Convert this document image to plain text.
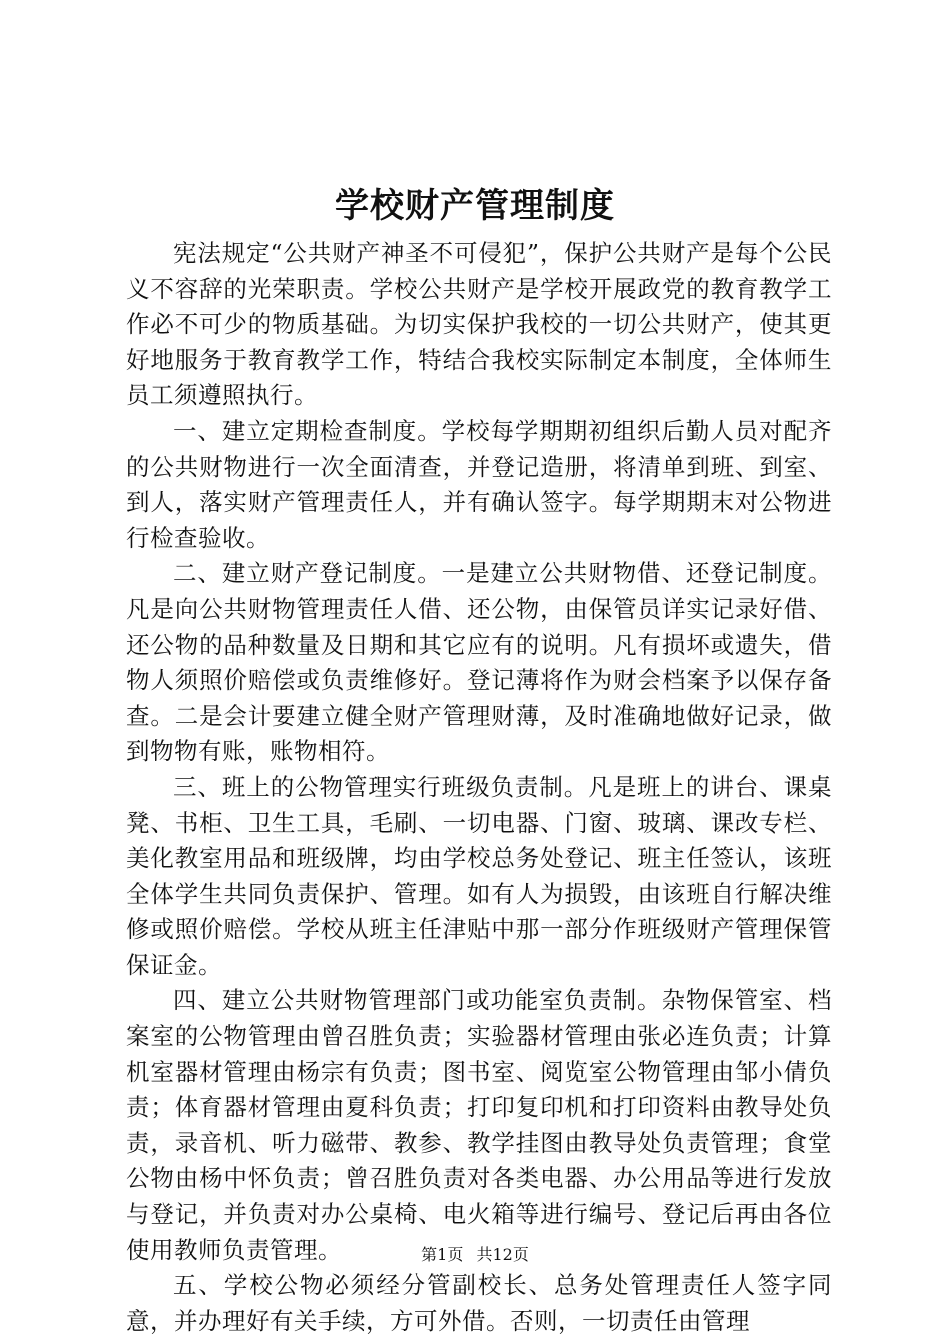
学校财产管理制度

宪法规定“公共财产神圣不可侵犯”，保护公共财产是每个公民义不容辞的光荣职责。学校公共财产是学校开展政党的教育教学工作必不可少的物质基础。为切实保护我校的一切公共财产，使其更好地服务于教育教学工作，特结合我校实际制定本制度，全体师生员工须遵照执行。

一、建立定期检查制度。学校每学期期初组织后勤人员对配齐的公共财物进行一次全面清查，并登记造册，将清单到班、到室、到人，落实财产管理责任人，并有确认签字。每学期期末对公物进行检查验收。

二、建立财产登记制度。一是建立公共财物借、还登记制度。凡是向公共财物管理责任人借、还公物，由保管员详实记录好借、还公物的品种数量及日期和其它应有的说明。凡有损坏或遗失，借物人须照价赔偿或负责维修好。登记薄将作为财会档案予以保存备查。二是会计要建立健全财产管理财薄，及时准确地做好记录，做到物物有账，账物相符。

三、班上的公物管理实行班级负责制。凡是班上的讲台、课桌凳、书柜、卫生工具，毛刷、一切电器、门窗、玻璃、课改专栏、美化教室用品和班级牌，均由学校总务处登记、班主任签认，该班全体学生共同负责保护、管理。如有人为损毁，由该班自行解决维修或照价赔偿。学校从班主任津贴中那一部分作班级财产管理保管保证金。

四、建立公共财物管理部门或功能室负责制。杂物保管室、档案室的公物管理由曾召胜负责；实验器材管理由张必连负责；计算机室器材管理由杨宗有负责；图书室、阅览室公物管理由邹小倩负责；体育器材管理由夏科负责；打印复印机和打印资料由教导处负责，录音机、听力磁带、教参、教学挂图由教导处负责管理；食堂公物由杨中怀负责；曾召胜负责对各类电器、办公用品等进行发放与登记，并负责对办公桌椅、电火箱等进行编号、登记后再由各位使用教师负责管理。

五、学校公物必须经分管副校长、总务处管理责任人签字同意，并办理好有关手续，方可外借。否则，一切责任由管理

第1页 共12页
